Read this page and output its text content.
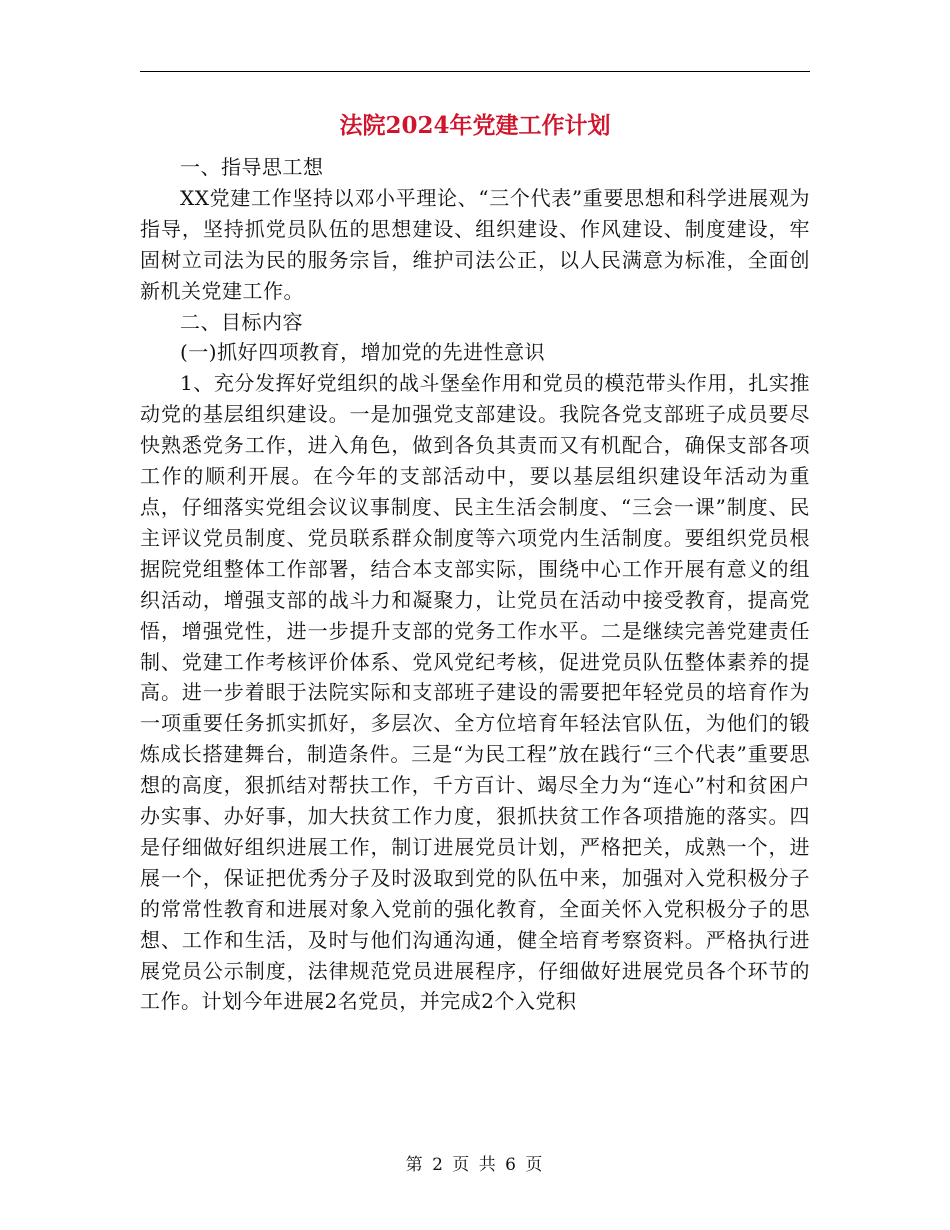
法院2024年党建工作计划

一、指导思工想

XX党建工作坚持以邓小平理论、“三个代表”重要思想和科学进展观为指导，坚持抓党员队伍的思想建设、组织建设、作风建设、制度建设，牢固树立司法为民的服务宗旨，维护司法公正，以人民满意为标准，全面创新机关党建工作。

二、目标内容

(一)抓好四项教育，增加党的先进性意识

1、充分发挥好党组织的战斗堡垒作用和党员的模范带头作用，扎实推动党的基层组织建设。一是加强党支部建设。我院各党支部班子成员要尽快熟悉党务工作，进入角色，做到各负其责而又有机配合，确保支部各项工作的顺利开展。在今年的支部活动中，要以基层组织建设年活动为重点，仔细落实党组会议议事制度、民主生活会制度、“三会一课”制度、民主评议党员制度、党员联系群众制度等六项党内生活制度。要组织党员根据院党组整体工作部署，结合本支部实际，围绕中心工作开展有意义的组织活动，增强支部的战斗力和凝聚力，让党员在活动中接受教育，提高党悟，增强党性，进一步提升支部的党务工作水平。二是继续完善党建责任制、党建工作考核评价体系、党风党纪考核，促进党员队伍整体素养的提高。进一步着眼于法院实际和支部班子建设的需要把年轻党员的培育作为一项重要任务抓实抓好，多层次、全方位培育年轻法官队伍，为他们的锻炼成长搭建舞台，制造条件。三是“为民工程”放在践行“三个代表”重要思想的高度，狠抓结对帮扶工作，千方百计、竭尽全力为“连心”村和贫困户办实事、办好事，加大扶贫工作力度，狠抓扶贫工作各项措施的落实。四是仔细做好组织进展工作，制订进展党员计划，严格把关，成熟一个，进展一个，保证把优秀分子及时汲取到党的队伍中来，加强对入党积极分子的常常性教育和进展对象入党前的强化教育，全面关怀入党积极分子的思想、工作和生活，及时与他们沟通沟通，健全培育考察资料。严格执行进展党员公示制度，法律规范党员进展程序，仔细做好进展党员各个环节的工作。计划今年进展2名党员，并完成2个入党积

第 2 页 共 6 页
